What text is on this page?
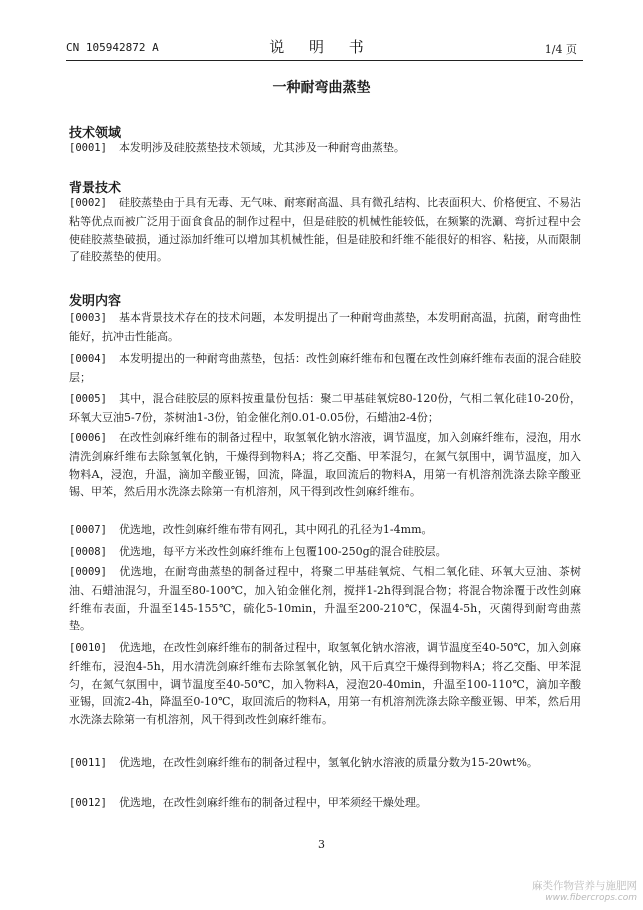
CN 105942872 A	说 明 书	1/4 页
一种耐弯曲蒸垫
技术领域
[0001] 本发明涉及硅胶蒸垫技术领域，尤其涉及一种耐弯曲蒸垫。
背景技术
[0002] 硅胶蒸垫由于具有无毒、无气味、耐寒耐高温、具有微孔结构、比表面积大、价格便宜、不易沾粘等优点而被广泛用于面食食品的制作过程中，但是硅胶的机械性能较低，在频繁的洗涮、弯折过程中会使硅胶蒸垫破损，通过添加纤维可以增加其机械性能，但是硅胶和纤维不能很好的相容、粘接，从而限制了硅胶蒸垫的使用。
发明内容
[0003] 基本背景技术存在的技术问题，本发明提出了一种耐弯曲蒸垫，本发明耐高温，抗菌，耐弯曲性能好，抗冲击性能高。
[0004] 本发明提出的一种耐弯曲蒸垫，包括：改性剑麻纤维布和包覆在改性剑麻纤维布表面的混合硅胶层；
[0005] 其中，混合硅胶层的原料按重量份包括：聚二甲基硅氧烷80-120份，气相二氧化硅10-20份，环氧大豆油5-7份，茶树油1-3份，铂金催化剂0.01-0.05份，石蜡油2-4份；
[0006] 在改性剑麻纤维布的制备过程中，取氢氧化钠水溶液，调节温度，加入剑麻纤维布，浸泡，用水清洗剑麻纤维布去除氢氧化钠，干燥得到物料A；将乙交酯、甲苯混匀，在氮气氛围中，调节温度，加入物料A，浸泡，升温，滴加辛酸亚锡，回流，降温，取回流后的物料A，用第一有机溶剂洗涤去除辛酸亚锡、甲苯，然后用水洗涤去除第一有机溶剂，风干得到改性剑麻纤维布。
[0007] 优选地，改性剑麻纤维布带有网孔，其中网孔的孔径为1-4mm。
[0008] 优选地，每平方米改性剑麻纤维布上包覆100-250g的混合硅胶层。
[0009] 优选地，在耐弯曲蒸垫的制备过程中，将聚二甲基硅氧烷、气相二氧化硅、环氧大豆油、茶树油、石蜡油混匀，升温至80-100℃，加入铂金催化剂，搅拌1-2h得到混合物；将混合物涂覆于改性剑麻纤维布表面，升温至145-155℃，硫化5-10min，升温至200-210℃，保温4-5h，灭菌得到耐弯曲蒸垫。
[0010] 优选地，在改性剑麻纤维布的制备过程中，取氢氧化钠水溶液，调节温度至40-50℃，加入剑麻纤维布，浸泡4-5h，用水清洗剑麻纤维布去除氢氧化钠，风干后真空干燥得到物料A；将乙交酯、甲苯混匀，在氮气氛围中，调节温度至40-50℃，加入物料A，浸泡20-40min，升温至100-110℃，滴加辛酸亚锡，回流2-4h，降温至0-10℃，取回流后的物料A，用第一有机溶剂洗涤去除辛酸亚锡、甲苯，然后用水洗涤去除第一有机溶剂，风干得到改性剑麻纤维布。
[0011] 优选地，在改性剑麻纤维布的制备过程中，氢氧化钠水溶液的质量分数为15-20wt%。
[0012] 优选地，在改性剑麻纤维布的制备过程中，甲苯须经干燥处理。
3
麻类作物营养与施肥网
www.fibercrops.com
